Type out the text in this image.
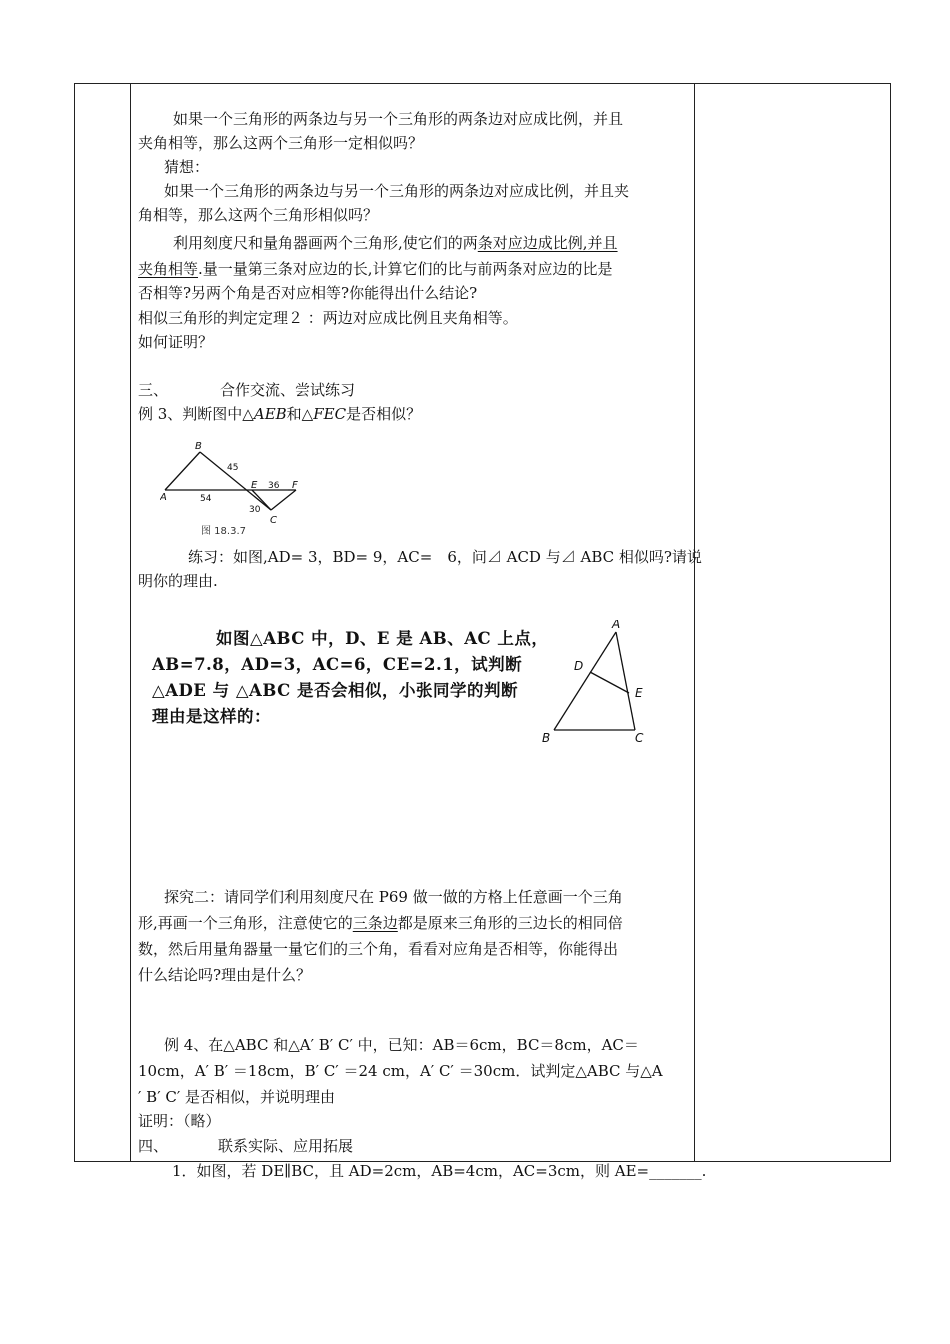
如果一个三角形的两条边与另一个三角形的两条边对应成比例，并且
夹角相等，那么这两个三角形一定相似吗？
猜想：
如果一个三角形的两条边与另一个三角形的两条边对应成比例，并且夹
角相等，那么这两个三角形相似吗？
利用刻度尺和量角器画两个三角形,使它们的两条对应边成比例,并且
夹角相等.量一量第三条对应边的长,计算它们的比与前两条对应边的比是
否相等?另两个角是否对应相等?你能得出什么结论?
相似三角形的判定定理２ ：两边对应成比例且夹角相等。
如何证明？
三、	合作交流、尝试练习
例 3、判断图中△AEB和△FEC是否相似？
B
A
E	F
C
45
54
36
30
图 18.3.7
练习：如图,AD= 3，BD= 9，AC=　6，问⊿ ACD 与⊿ ABC 相似吗?请说
明你的理由.
如图△ABC 中，D、E 是 AB、AC 上点，
AB=7.8，AD=3，AC=6，CE=2.1，试判断
△ADE 与 △ABC 是否会相似，小张同学的判断
理由是这样的：
A
D
E
B	C
探究二：请同学们利用刻度尺在 P69 做一做的方格上任意画一个三角
形,再画一个三角形，注意使它的三条边都是原来三角形的三边长的相同倍
数，然后用量角器量一量它们的三个角，看看对应角是否相等，你能得出
什么结论吗?理由是什么？
例 4、在△ABC 和△A′ B′ C′ 中，已知：AB＝6cm，BC＝8cm，AC＝
10cm，A′ B′ ＝18cm，B′ C′ ＝24 cm，A′ C′ ＝30cm．试判定△ABC 与△A
′ B′ C′ 是否相似，并说明理由
证明：（略）
四、	联系实际、应用拓展
1．如图，若 DE∥BC，且 AD=2cm，AB=4cm，AC=3cm，则 AE=_______.
